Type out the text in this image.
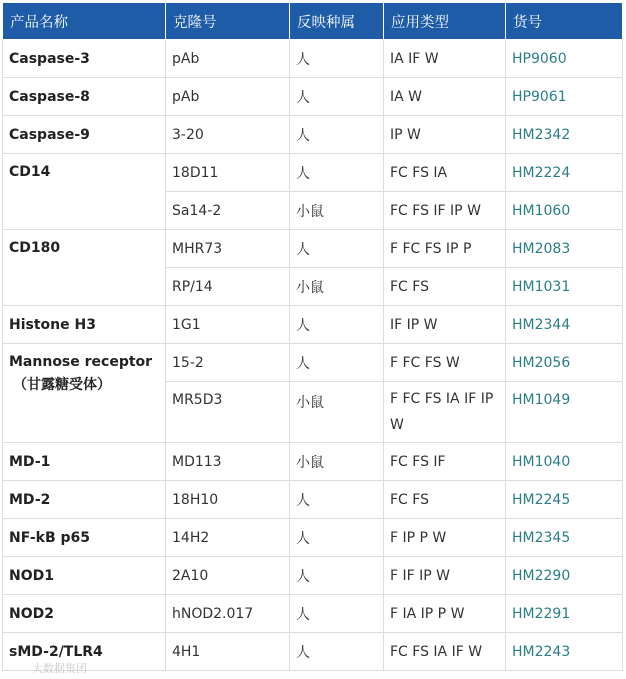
产品名称	克隆号	反映种属	应用类型	货号
Caspase-3	pAb	人	IA IF W	HP9060
Caspase-8	pAb	人	IA W	HP9061
Caspase-9	3-20	人	IP W	HM2342
CD14	18D11	人	FC FS IA	HM2224
	Sa14-2	小鼠	FC FS IF IP W	HM1060
CD180	MHR73	人	F FC FS IP P	HM2083
	RP/14	小鼠	FC FS	HM1031
Histone H3	1G1	人	IF IP W	HM2344
Mannose receptor
（甘露糖受体）	15-2	人	F FC FS W	HM2056
	MR5D3	小鼠	F FC FS IA IF IP W	HM1049
MD-1	MD113	小鼠	FC FS IF	HM1040
MD-2	18H10	人	FC FS	HM2245
NF-kB p65	14H2	人	F IP P W	HM2345
NOD1	2A10	人	F IF IP W	HM2290
NOD2	hNOD2.017	人	F IA IP P W	HM2291
sMD-2/TLR4	4H1	人	FC FS IA IF W	HM2243
大数据集团
